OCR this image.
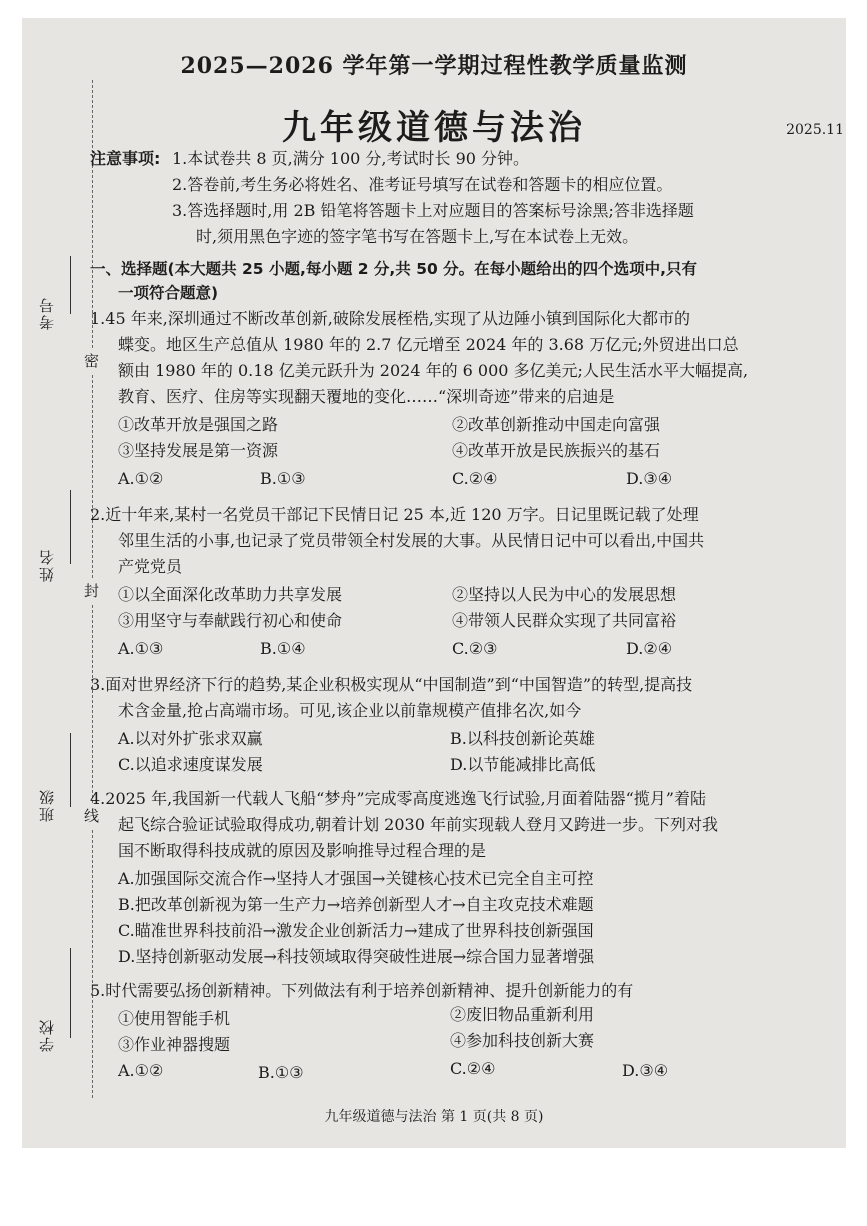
考号
姓名
班级
学校
密
封
线
2025—2026 学年第一学期过程性教学质量监测
九年级道德与法治	2025.11
注意事项: 1.本试卷共 8 页,满分 100 分,考试时长 90 分钟。
2.答卷前,考生务必将姓名、准考证号填写在试卷和答题卡的相应位置。
3.答选择题时,用 2B 铅笔将答题卡上对应题目的答案标号涂黑;答非选择题
时,须用黑色字迹的签字笔书写在答题卡上,写在本试卷上无效。
一、选择题(本大题共 25 小题,每小题 2 分,共 50 分。在每小题给出的四个选项中,只有
一项符合题意)
1.45 年来,深圳通过不断改革创新,破除发展桎梏,实现了从边陲小镇到国际化大都市的
蝶变。地区生产总值从 1980 年的 2.7 亿元增至 2024 年的 3.68 万亿元;外贸进出口总
额由 1980 年的 0.18 亿美元跃升为 2024 年的 6 000 多亿美元;人民生活水平大幅提高,
教育、医疗、住房等实现翻天覆地的变化……“深圳奇迹”带来的启迪是
①改革开放是强国之路	②改革创新推动中国走向富强
③坚持发展是第一资源	④改革开放是民族振兴的基石
A.①②	B.①③	C.②④	D.③④
2.近十年来,某村一名党员干部记下民情日记 25 本,近 120 万字。日记里既记载了处理
邻里生活的小事,也记录了党员带领全村发展的大事。从民情日记中可以看出,中国共
产党党员
①以全面深化改革助力共享发展	②坚持以人民为中心的发展思想
③用坚守与奉献践行初心和使命	④带领人民群众实现了共同富裕
A.①③	B.①④	C.②③	D.②④
3.面对世界经济下行的趋势,某企业积极实现从“中国制造”到“中国智造”的转型,提高技
术含金量,抢占高端市场。可见,该企业以前靠规模产值排名次,如今
A.以对外扩张求双赢	B.以科技创新论英雄
C.以追求速度谋发展	D.以节能减排比高低
4.2025 年,我国新一代载人飞船“梦舟”完成零高度逃逸飞行试验,月面着陆器“揽月”着陆
起飞综合验证试验取得成功,朝着计划 2030 年前实现载人登月又跨进一步。下列对我
国不断取得科技成就的原因及影响推导过程合理的是
A.加强国际交流合作→坚持人才强国→关键核心技术已完全自主可控
B.把改革创新视为第一生产力→培养创新型人才→自主攻克技术难题
C.瞄准世界科技前沿→激发企业创新活力→建成了世界科技创新强国
D.坚持创新驱动发展→科技领域取得突破性进展→综合国力显著增强
5.时代需要弘扬创新精神。下列做法有利于培养创新精神、提升创新能力的有
①使用智能手机	②废旧物品重新利用
③作业神器搜题	④参加科技创新大赛
A.①②	B.①③	C.②④	D.③④
九年级道德与法治 第 1 页(共 8 页)
